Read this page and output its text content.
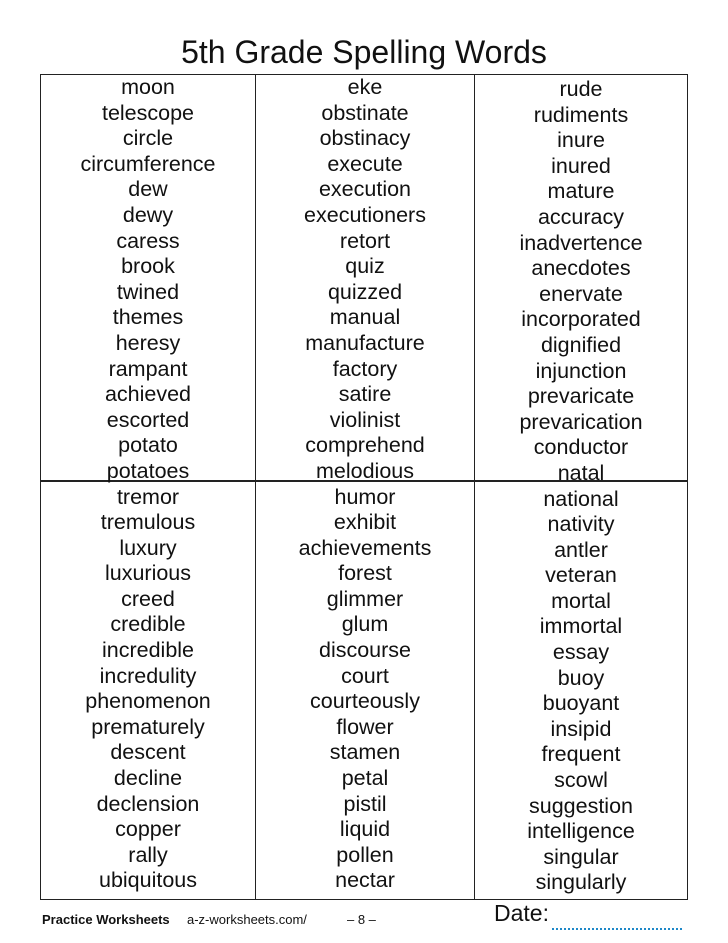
5th Grade Spelling Words
moon
telescope
circle
circumference
dew
dewy
caress
brook
twined
themes
heresy
rampant
achieved
escorted
potato
potatoes
tremor
tremulous
luxury
luxurious
creed
credible
incredible
incredulity
phenomenon
prematurely
descent
decline
declension
copper
rally
ubiquitous
eke
obstinate
obstinacy
execute
execution
executioners
retort
quiz
quizzed
manual
manufacture
factory
satire
violinist
comprehend
melodious
humor
exhibit
achievements
forest
glimmer
glum
discourse
court
courteously
flower
stamen
petal
pistil
liquid
pollen
nectar
rude
rudiments
inure
inured
mature
accuracy
inadvertence
anecdotes
enervate
incorporated
dignified
injunction
prevaricate
prevarication
conductor
natal
national
nativity
antler
veteran
mortal
immortal
essay
buoy
buoyant
insipid
frequent
scowl
suggestion
intelligence
singular
singularly
Practice Worksheets a-z-worksheets.com/	– 8 –	Date:
